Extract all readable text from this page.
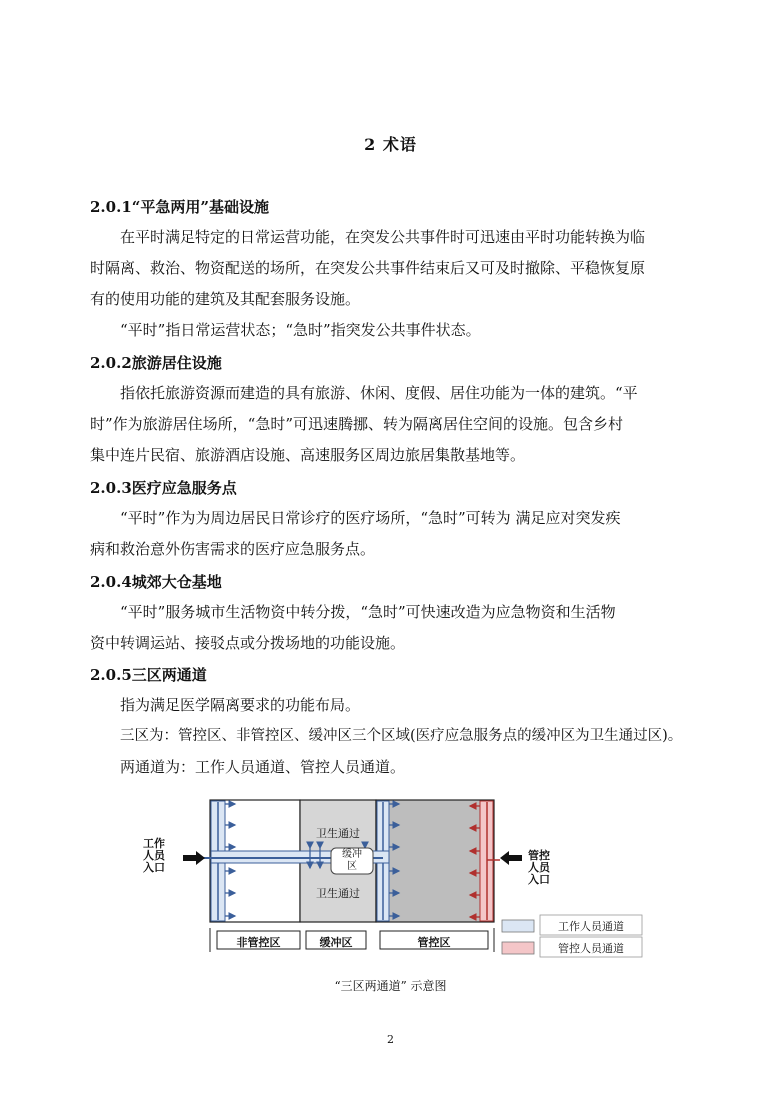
2 术语
2.0.1“平急两用”基础设施
在平时满足特定的日常运营功能，在突发公共事件时可迅速由平时功能转换为临
时隔离、救治、物资配送的场所，在突发公共事件结束后又可及时撤除、平稳恢复原
有的使用功能的建筑及其配套服务设施。
“平时”指日常运营状态；“急时”指突发公共事件状态。
2.0.2旅游居住设施
指依托旅游资源而建造的具有旅游、休闲、度假、居住功能为一体的建筑。“平
时”作为旅游居住场所，“急时”可迅速腾挪、转为隔离居住空间的设施。包含乡村
集中连片民宿、旅游酒店设施、高速服务区周边旅居集散基地等。
2.0.3医疗应急服务点
“平时”作为为周边居民日常诊疗的医疗场所，“急时”可转为 满足应对突发疾
病和救治意外伤害需求的医疗应急服务点。
2.0.4城郊大仓基地
“平时”服务城市生活物资中转分拨，“急时”可快速改造为应急物资和生活物
资中转调运站、接驳点或分拨场地的功能设施。
2.0.5三区两通道
指为满足医学隔离要求的功能布局。
三区为：管控区、非管控区、缓冲区三个区域(医疗应急服务点的缓冲区为卫生通过区)。
两通道为：工作人员通道、管控人员通道。
工作
人员
入口
管控
人员
入口
卫生通过
卫生通过
缓冲
区
非管控区	缓冲区	管控区
工作人员通道
管控人员通道
“三区两通道” 示意图
2
